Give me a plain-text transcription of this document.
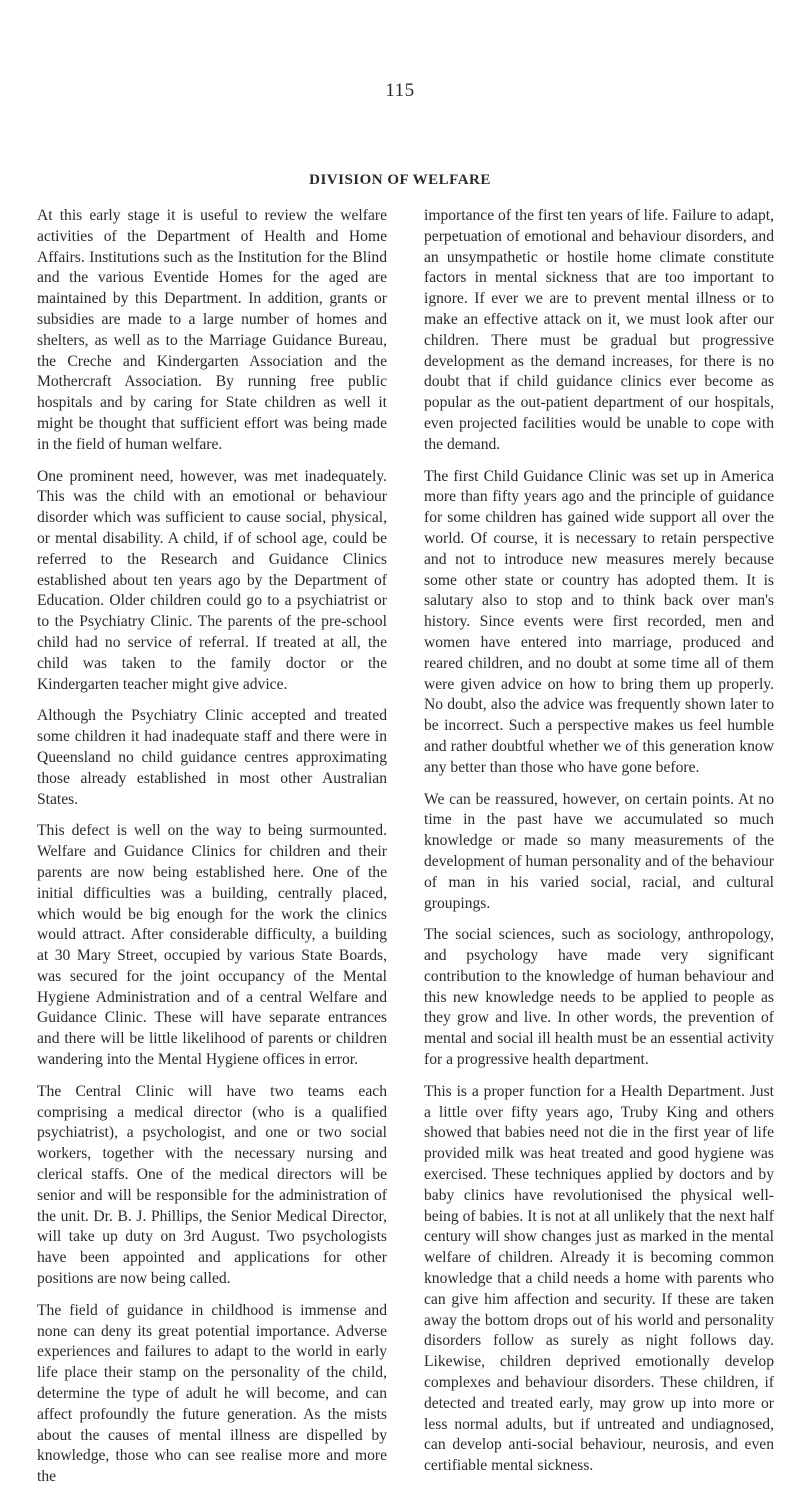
115
DIVISION OF WELFARE

At this early stage it is useful to review the welfare activities of the Department of Health and Home Affairs. Institutions such as the Institution for the Blind and the various Eventide Homes for the aged are maintained by this Department. In addition, grants or subsidies are made to a large number of homes and shelters, as well as to the Marriage Guidance Bureau, the Creche and Kindergarten Association and the Mothercraft Association. By running free public hospitals and by caring for State children as well it might be thought that sufficient effort was being made in the field of human welfare.

One prominent need, however, was met inadequately. This was the child with an emotional or behaviour disorder which was sufficient to cause social, physical, or mental disability. A child, if of school age, could be referred to the Research and Guidance Clinics established about ten years ago by the Department of Education. Older children could go to a psychiatrist or to the Psychiatry Clinic. The parents of the pre-school child had no service of referral. If treated at all, the child was taken to the family doctor or the Kindergarten teacher might give advice.

Although the Psychiatry Clinic accepted and treated some children it had inadequate staff and there were in Queensland no child guidance centres approximating those already established in most other Australian States.

This defect is well on the way to being surmounted. Welfare and Guidance Clinics for children and their parents are now being established here. One of the initial difficulties was a building, centrally placed, which would be big enough for the work the clinics would attract. After considerable difficulty, a building at 30 Mary Street, occupied by various State Boards, was secured for the joint occupancy of the Mental Hygiene Administration and of a central Welfare and Guidance Clinic. These will have separate entrances and there will be little likelihood of parents or children wandering into the Mental Hygiene offices in error.

The Central Clinic will have two teams each comprising a medical director (who is a qualified psychiatrist), a psychologist, and one or two social workers, together with the necessary nursing and clerical staffs. One of the medical directors will be senior and will be responsible for the administration of the unit. Dr. B. J. Phillips, the Senior Medical Director, will take up duty on 3rd August. Two psychologists have been appointed and applications for other positions are now being called.

The field of guidance in childhood is immense and none can deny its great potential importance. Adverse experiences and failures to adapt to the world in early life place their stamp on the personality of the child, determine the type of adult he will become, and can affect profoundly the future generation. As the mists about the causes of mental illness are dispelled by knowledge, those who can see realise more and more the

importance of the first ten years of life. Failure to adapt, perpetuation of emotional and behaviour disorders, and an unsympathetic or hostile home climate constitute factors in mental sickness that are too important to ignore. If ever we are to prevent mental illness or to make an effective attack on it, we must look after our children. There must be gradual but progressive development as the demand increases, for there is no doubt that if child guidance clinics ever become as popular as the out-patient department of our hospitals, even projected facilities would be unable to cope with the demand.

The first Child Guidance Clinic was set up in America more than fifty years ago and the principle of guidance for some children has gained wide support all over the world. Of course, it is necessary to retain perspective and not to introduce new measures merely because some other state or country has adopted them. It is salutary also to stop and to think back over man's history. Since events were first recorded, men and women have entered into marriage, produced and reared children, and no doubt at some time all of them were given advice on how to bring them up properly. No doubt, also the advice was frequently shown later to be incorrect. Such a perspective makes us feel humble and rather doubtful whether we of this generation know any better than those who have gone before.

We can be reassured, however, on certain points. At no time in the past have we accumulated so much knowledge or made so many measurements of the development of human personality and of the behaviour of man in his varied social, racial, and cultural groupings.

The social sciences, such as sociology, anthropology, and psychology have made very significant contribution to the knowledge of human behaviour and this new knowledge needs to be applied to people as they grow and live. In other words, the prevention of mental and social ill health must be an essential activity for a progressive health department.

This is a proper function for a Health Department. Just a little over fifty years ago, Truby King and others showed that babies need not die in the first year of life provided milk was heat treated and good hygiene was exercised. These techniques applied by doctors and by baby clinics have revolutionised the physical well-being of babies. It is not at all unlikely that the next half century will show changes just as marked in the mental welfare of children. Already it is becoming common knowledge that a child needs a home with parents who can give him affection and security. If these are taken away the bottom drops out of his world and personality disorders follow as surely as night follows day. Likewise, children deprived emotionally develop complexes and behaviour disorders. These children, if detected and treated early, may grow up into more or less normal adults, but if untreated and undiagnosed, can develop anti-social behaviour, neurosis, and even certifiable mental sickness.
